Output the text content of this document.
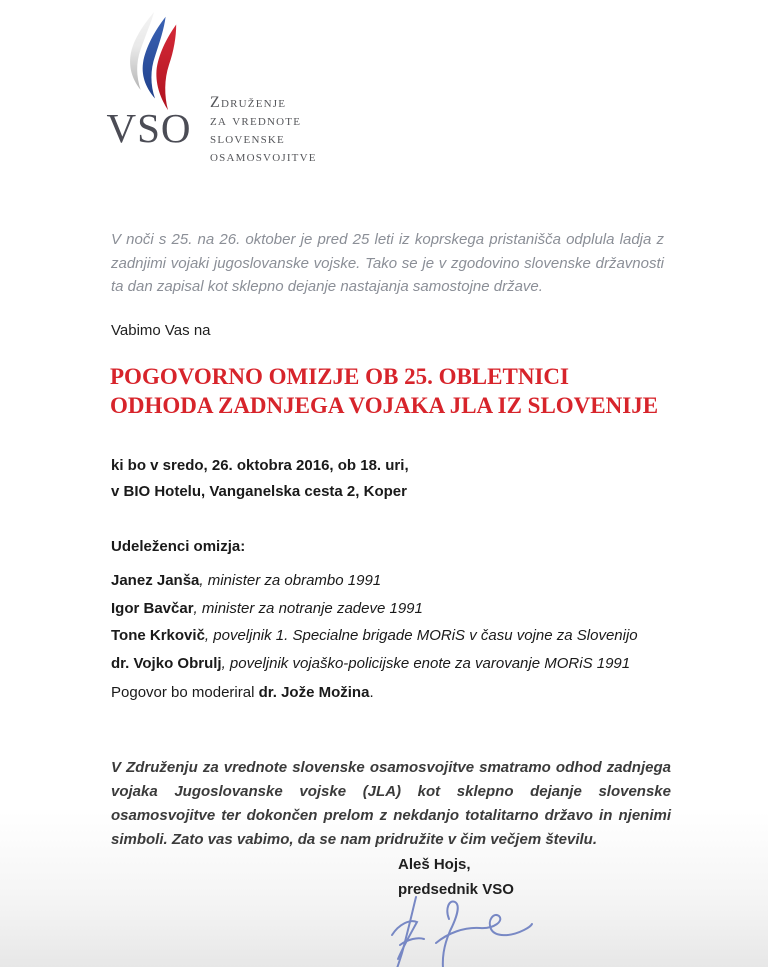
VSO
Združenje
za vrednote
slovenske
osamosvojitve

V noči s 25. na 26. oktober je pred 25 leti iz koprskega pristanišča odplula ladja z zadnjimi vojaki jugoslovanske vojske. Tako se je v zgodovino slovenske državnosti ta dan zapisal kot sklepno dejanje nastajanja samostojne države.

Vabimo Vas na
POGOVORNO OMIZJE OB 25. OBLETNICI
ODHODA ZADNJEGA VOJAKA JLA IZ SLOVENIJE
ki bo v sredo, 26. oktobra 2016, ob 18. uri,
v BIO Hotelu, Vanganelska cesta 2, Koper
Udeleženci omizja:
Janez Janša, minister za obrambo 1991
Igor Bavčar, minister za notranje zadeve 1991
Tone Krkovič, poveljnik 1. Specialne brigade MORiS v času vojne za Slovenijo
dr. Vojko Obrulj, poveljnik vojaško-policijske enote za varovanje MORiS 1991
Pogovor bo moderiral dr. Jože Možina.

V Združenju za vrednote slovenske osamosvojitve smatramo odhod zadnjega vojaka Jugoslovanske vojske (JLA) kot sklepno dejanje slovenske osamosvojitve ter dokončen prelom z nekdanjo totalitarno državo in njenimi simboli. Zato vas vabimo, da se nam pridružite v čim večjem številu.

Aleš Hojs,
predsednik VSO
